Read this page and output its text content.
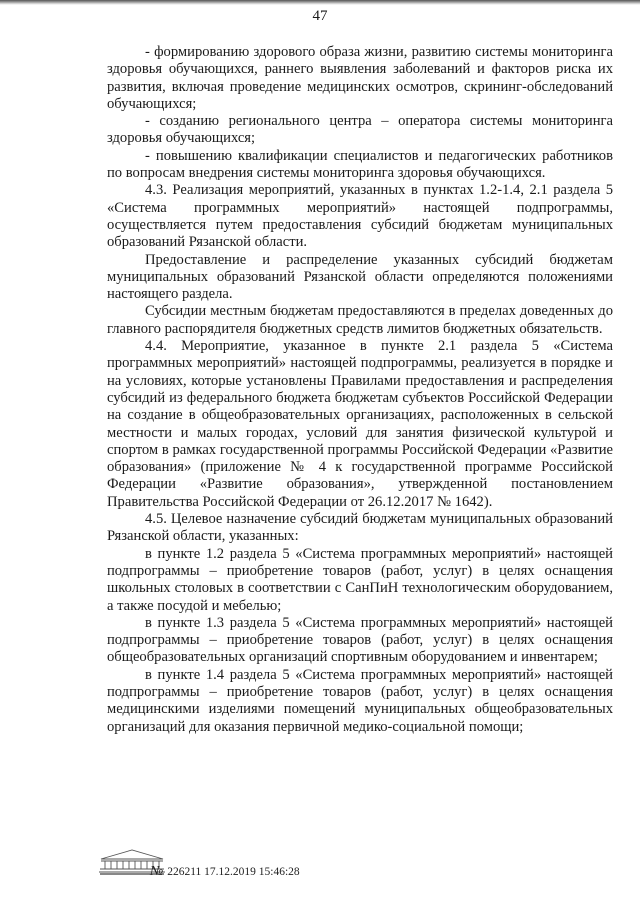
47

- формированию здорового образа жизни, развитию системы мониторинга здоровья обучающихся, раннего выявления заболеваний и факторов риска их развития, включая проведение медицинских осмотров, скрининг-обследований обучающихся;

- созданию регионального центра – оператора системы мониторинга здоровья обучающихся;

- повышению квалификации специалистов и педагогических работников по вопросам внедрения системы мониторинга здоровья обучающихся.

4.3. Реализация мероприятий, указанных в пунктах 1.2-1.4, 2.1 раздела 5 «Система программных мероприятий» настоящей подпрограммы, осуществляется путем предоставления субсидий бюджетам муниципальных образований Рязанской области.

Предоставление и распределение указанных субсидий бюджетам муниципальных образований Рязанской области определяются положениями настоящего раздела.

Субсидии местным бюджетам предоставляются в пределах доведенных до главного распорядителя бюджетных средств лимитов бюджетных обязательств.

4.4. Мероприятие, указанное в пункте 2.1 раздела 5 «Система программных мероприятий» настоящей подпрограммы, реализуется в порядке и на условиях, которые установлены Правилами предоставления и распределения субсидий из федерального бюджета бюджетам субъектов Российской Федерации на создание в общеобразовательных организациях, расположенных в сельской местности и малых городах, условий для занятия физической культурой и спортом в рамках государственной программы Российской Федерации «Развитие образования» (приложение № 4 к государственной программе Российской Федерации «Развитие образования», утвержденной постановлением Правительства Российской Федерации от 26.12.2017 № 1642).

4.5. Целевое назначение субсидий бюджетам муниципальных образований Рязанской области, указанных:

в пункте 1.2 раздела 5 «Система программных мероприятий» настоящей подпрограммы – приобретение товаров (работ, услуг) в целях оснащения школьных столовых в соответствии с СанПиН технологическим оборудованием, а также посудой и мебелью;

в пункте 1.3 раздела 5 «Система программных мероприятий» настоящей подпрограммы – приобретение товаров (работ, услуг) в целях оснащения общеобразовательных организаций спортивным оборудованием и инвентарем;

в пункте 1.4 раздела 5 «Система программных мероприятий» настоящей подпрограммы – приобретение товаров (работ, услуг) в целях оснащения медицинскими изделиями помещений муниципальных общеобразовательных организаций для оказания первичной медико-социальной помощи;

№ 226211 17.12.2019 15:46:28
